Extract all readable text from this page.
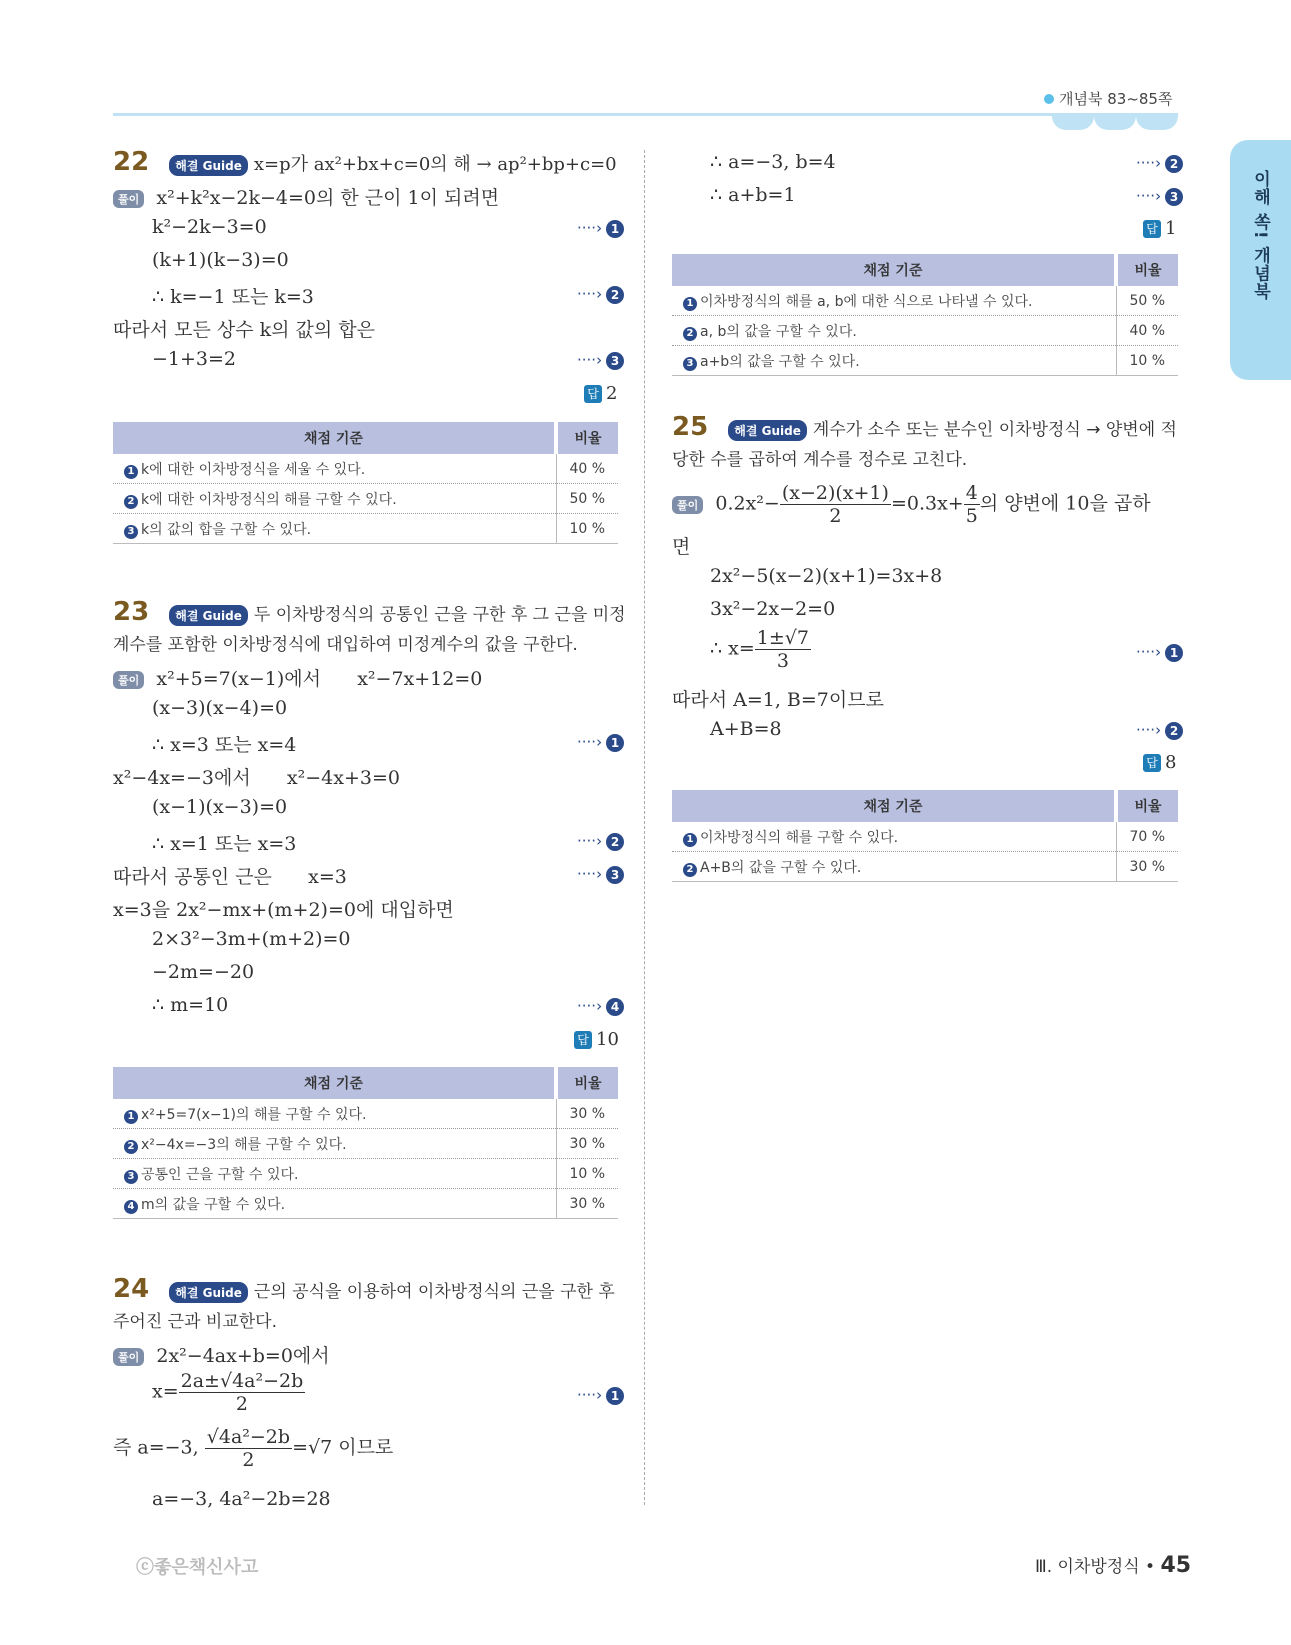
개념북 83~85쪽
이해 쏙! 개념북
22 해결 Guide x=p가 ax²+bx+c=0의 해 → ap²+bp+c=0
풀이 x²+k²x−2k−4=0의 한 근이 1이 되려면
k²−2k−3=0
(k+1)(k−3)=0
∴ k=−1 또는 k=3
따라서 모든 상수 k의 값의 합은
−1+3=2
····› 1
····› 2
····› 3
답 2
채점 기준	비율
1 k에 대한 이차방정식을 세울 수 있다.	40 %
2 k에 대한 이차방정식의 해를 구할 수 있다.	50 %
3 k의 값의 합을 구할 수 있다.	10 %
23 해결 Guide 두 이차방정식의 공통인 근을 구한 후 그 근을 미정
계수를 포함한 이차방정식에 대입하여 미정계수의 값을 구한다.
풀이 x²+5=7(x−1)에서      x²−7x+12=0
(x−3)(x−4)=0
∴ x=3 또는 x=4
x²−4x=−3에서      x²−4x+3=0
(x−1)(x−3)=0
∴ x=1 또는 x=3
따라서 공통인 근은      x=3
x=3을 2x²−mx+(m+2)=0에 대입하면
2×3²−3m+(m+2)=0
−2m=−20
∴ m=10
····› 1
····› 2
····› 3
····› 4
답 10
채점 기준	비율
1 x²+5=7(x−1)의 해를 구할 수 있다.	30 %
2 x²−4x=−3의 해를 구할 수 있다.	30 %
3 공통인 근을 구할 수 있다.	10 %
4 m의 값을 구할 수 있다.	30 %
24 해결 Guide 근의 공식을 이용하여 이차방정식의 근을 구한 후
주어진 근과 비교한다.
풀이 2x²−4ax+b=0에서
$x= \frac{\text{2a±√4a²−2b}}{2}$
즉 a=−3, $\frac{\text{√4a²−2b}}{2} =√7$ 이므로
a=−3, 4a²−2b=28
····› 1
∴ a=−3, b=4
∴ a+b=1
····› 2
····› 3
답 1
채점 기준	비율
1 이차방정식의 해를 a, b에 대한 식으로 나타낼 수 있다.	50 %
2 a, b의 값을 구할 수 있다.	40 %
3 a+b의 값을 구할 수 있다.	10 %
25 해결 Guide 계수가 소수 또는 분수인 이차방정식 → 양변에 적
당한 수를 곱하여 계수를 정수로 고친다.
풀이 $0.2x^2- \frac{(x-2)(x+1)}{2} =0.3x+ \frac{4}{5}$ 의 양변에 10을 곱하
면
2x²−5(x−2)(x+1)=3x+8
3x²−2x−2=0
∴ $x= \frac{1\pm√7}{3}$
따라서 A=1, B=7이므로
A+B=8
····› 1
····› 2
답 8
채점 기준	비율
1 이차방정식의 해를 구할 수 있다.	70 %
2 A+B의 값을 구할 수 있다.	30 %
ⓒ좋은책신사고	Ⅲ. 이차방정식 • 45
